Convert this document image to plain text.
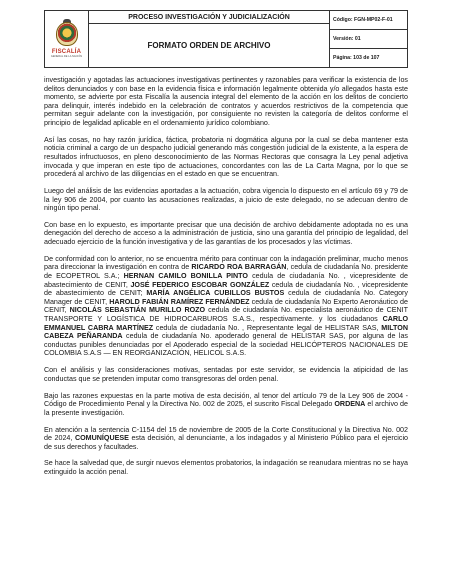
FISCALÍA
GENERAL DE LA NACIÓN
PROCESO INVESTIGACIÓN Y JUDICIALIZACIÓN
FORMATO ORDEN DE ARCHIVO
Código: FGN-MP02-F-01
Versión: 01
Página: 103 de 107

investigación y agotadas las actuaciones investigativas pertinentes y razonables para verificar la existencia de los delitos denunciados y con base en la evidencia física e información legalmente obtenida y/o allegados hasta este momento, se advierte por esta Fiscalía la ausencia integral del elemento de la acción en los delitos de concierto para delinquir, interés indebido en la celebración de contratos y acuerdos restrictivos de la competencia que permitan seguir adelante con la investigación, por consiguiente no revisten la categoría de delitos conforme el principio de legalidad aplicable en el ordenamiento jurídico colombiano.

Así las cosas, no hay razón jurídica, fáctica, probatoria ni dogmática alguna por la cual se deba mantener esta noticia criminal a cargo de un despacho judicial generando más congestión judicial de la existente, a la espera de resultados infructuosos, en pleno desconocimiento de las Normas Rectoras que consagra la Ley penal adjetiva invocada y que imperan en este tipo de actuaciones, concordantes con las de La Carta Magna, por lo que se procederá al archivo de las diligencias en el estado en que se encuentran.

Luego del análisis de las evidencias aportadas a la actuación, cobra vigencia lo dispuesto en el artículo 69 y 79 de la ley 906 de 2004, por cuanto las acusaciones realizadas, a juicio de este delegado, no se adecuan dentro de ningún tipo penal.

Con base en lo expuesto, es importante precisar que una decisión de archivo debidamente adoptada no es una denegación del derecho de acceso a la administración de justicia, sino una garantía del principio de legalidad, del adecuado ejercicio de la función investigativa y de las garantías de los procesados y las víctimas.

De conformidad con lo anterior, no se encuentra mérito para continuar con la indagación preliminar, mucho menos para direccionar la investigación en contra de RICARDO ROA BARRAGÁN, cedula de ciudadanía No. presidente de ECOPETROL S.A.; HERNAN CAMILO BONILLA PINTO cedula de ciudadanía No. , vicepresidente de abastecimiento de CENIT, JOSÉ FEDERICO ESCOBAR GONZÁLEZ cedula de ciudadanía No. , vicepresidente de abastecimiento de CENIT; MARÍA ANGÉLICA CUBILLOS BUSTOS cedula de ciudadanía No. Category Manager de CENIT, HAROLD FABIÁN RAMÍREZ FERNÁNDEZ cedula de ciudadanía No Experto Aeronáutico de CENIT, NICOLÁS SEBASTIÁN MURILLO ROZO cedula de ciudadanía No. especialista aeronáutico de CENIT TRANSPORTE Y LOGÍSTICA DE HIDROCARBUROS S.A.S., respectivamente. y los ciudadanos CARLO EMMANUEL CABRA MARTÍNEZ cedula de ciudadanía No. , Representante legal de HELISTAR SAS, MILTON CABEZA PEÑARANDA cedula de ciudadanía No. apoderado general de HELISTAR SAS, por alguna de las conductas punibles denunciadas por el Apoderado especial de la sociedad HELICÓPTEROS NACIONALES DE COLOMBIA S.A.S — EN REORGANIZACIÓN, HELICOL S.A.S.

Con el análisis y las consideraciones motivas, sentadas por este servidor, se evidencia la atipicidad de las conductas que se pretenden imputar como transgresoras del orden penal.

Bajo las razones expuestas en la parte motiva de esta decisión, al tenor del artículo 79 de la Ley 906 de 2004 - Código de Procedimiento Penal y la Directiva No. 002 de 2025, el suscrito Fiscal Delegado ORDENA el archivo de la presente investigación.

En atención a la sentencia C-1154 del 15 de noviembre de 2005 de la Corte Constitucional y la Directiva No. 002 de 2024, COMUNÍQUESE esta decisión, al denunciante, a los indagados y al Ministerio Público para el ejercicio de sus derechos y facultades.

Se hace la salvedad que, de surgir nuevos elementos probatorios, la indagación se reanudara mientras no se haya extinguido la acción penal.
